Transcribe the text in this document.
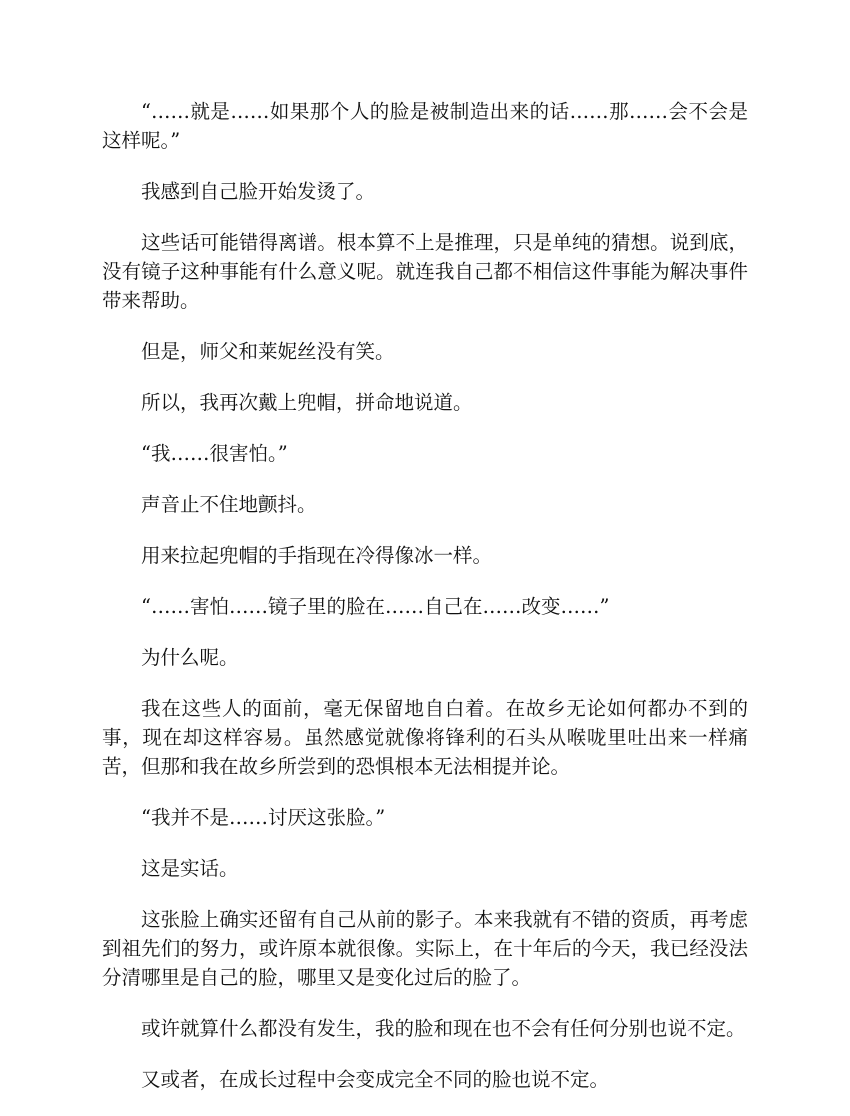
“……就是……如果那个人的脸是被制造出来的话……那……会不会是这样呢。”

我感到自己脸开始发烫了。

这些话可能错得离谱。根本算不上是推理，只是单纯的猜想。说到底，没有镜子这种事能有什么意义呢。就连我自己都不相信这件事能为解决事件带来帮助。

但是，师父和莱妮丝没有笑。

所以，我再次戴上兜帽，拼命地说道。

“我……很害怕。”

声音止不住地颤抖。

用来拉起兜帽的手指现在冷得像冰一样。

“……害怕……镜子里的脸在……自己在……改变……”

为什么呢。

我在这些人的面前，毫无保留地自白着。在故乡无论如何都办不到的事，现在却这样容易。虽然感觉就像将锋利的石头从喉咙里吐出来一样痛苦，但那和我在故乡所尝到的恐惧根本无法相提并论。

“我并不是……讨厌这张脸。”

这是实话。

这张脸上确实还留有自己从前的影子。本来我就有不错的资质，再考虑到祖先们的努力，或许原本就很像。实际上，在十年后的今天，我已经没法分清哪里是自己的脸，哪里又是变化过后的脸了。

或许就算什么都没有发生，我的脸和现在也不会有任何分别也说不定。

又或者，在成长过程中会变成完全不同的脸也说不定。
